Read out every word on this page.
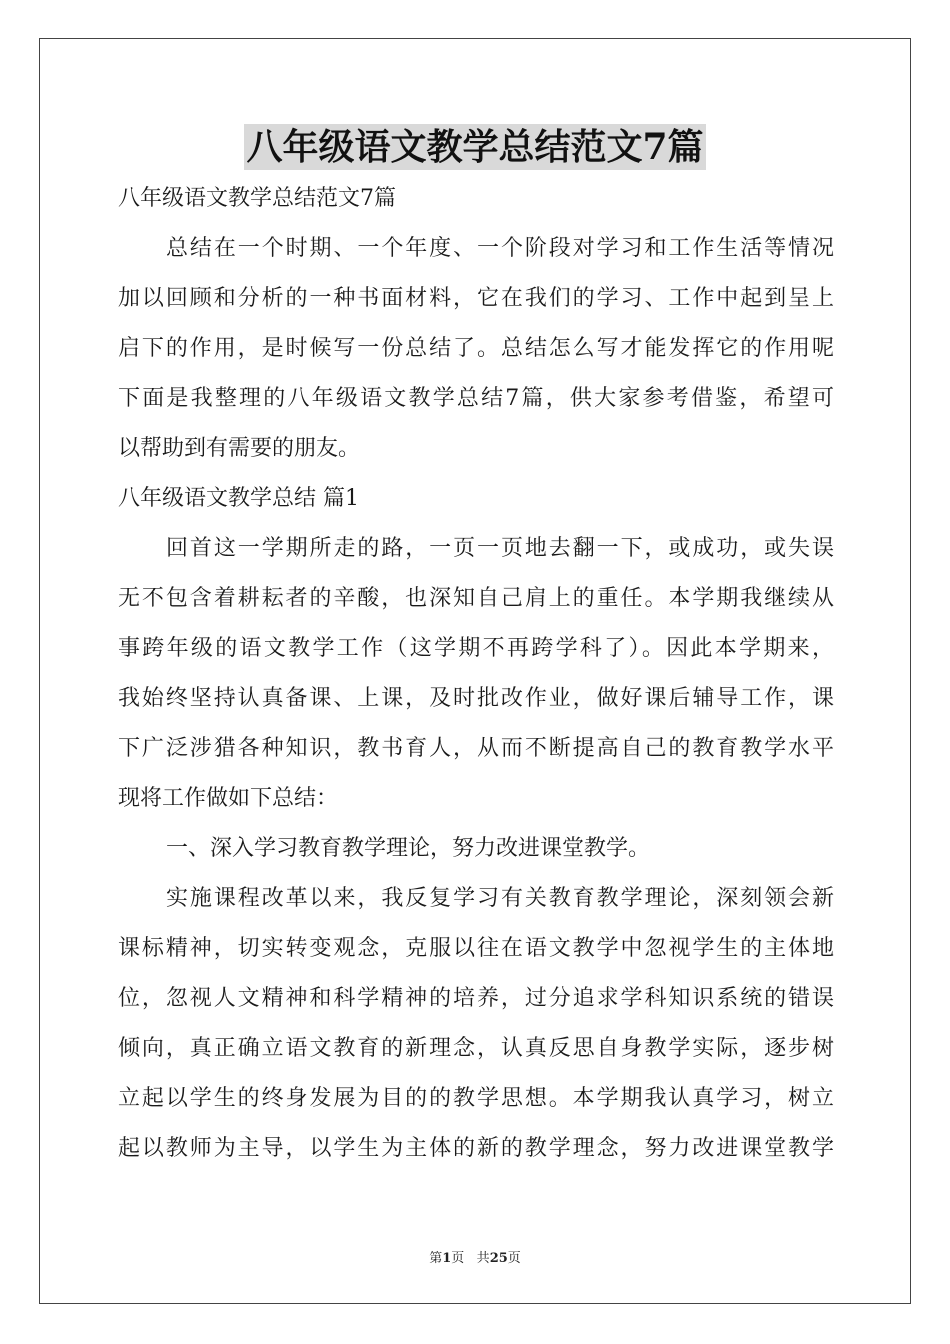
八年级语文教学总结范文7篇

八年级语文教学总结范文7篇

总结在一个时期、一个年度、一个阶段对学习和工作生活等情况

加以回顾和分析的一种书面材料，它在我们的学习、工作中起到呈上

启下的作用，是时候写一份总结了。总结怎么写才能发挥它的作用呢

下面是我整理的八年级语文教学总结7篇，供大家参考借鉴，希望可

以帮助到有需要的朋友。

八年级语文教学总结 篇1

回首这一学期所走的路，一页一页地去翻一下，或成功，或失误

无不包含着耕耘者的辛酸，也深知自己肩上的重任。本学期我继续从

事跨年级的语文教学工作（这学期不再跨学科了）。因此本学期来，

我始终坚持认真备课、上课，及时批改作业，做好课后辅导工作，课

下广泛涉猎各种知识，教书育人，从而不断提高自己的教育教学水平

现将工作做如下总结：

一、深入学习教育教学理论，努力改进课堂教学。

实施课程改革以来，我反复学习有关教育教学理论，深刻领会新

课标精神，切实转变观念，克服以往在语文教学中忽视学生的主体地

位，忽视人文精神和科学精神的培养，过分追求学科知识系统的错误

倾向，真正确立语文教育的新理念，认真反思自身教学实际，逐步树

立起以学生的终身发展为目的的教学思想。本学期我认真学习，树立

起以教师为主导，以学生为主体的新的教学理念，努力改进课堂教学

第1页 共25页
